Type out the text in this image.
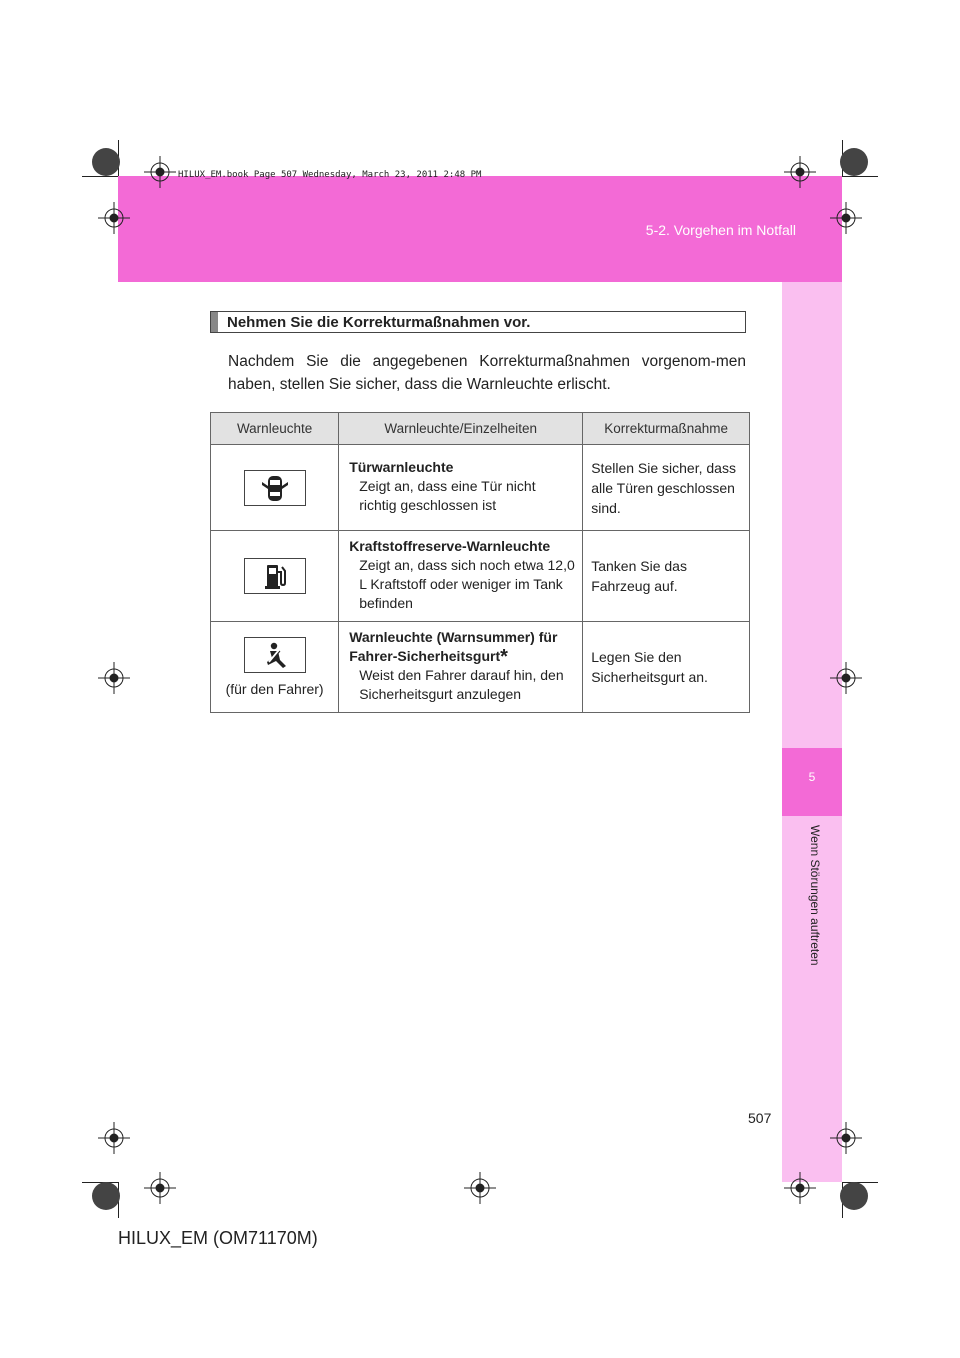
5-2. Vorgehen im Notfall
HILUX_EM.book Page 507 Wednesday, March 23, 2011 2:48 PM
5
Wenn Störungen auftreten
Nehmen Sie die Korrekturmaßnahmen vor.
Nachdem Sie die angegebenen Korrekturmaßnahmen vorgenom-men haben, stellen Sie sicher, dass die Warnleuchte erlischt.
Warnleuchte	Warnleuchte/Einzelheiten	Korrekturmaßnahme

Türwarnleuchte
Zeigt an, dass eine Tür nicht richtig geschlossen ist	Stellen Sie sicher, dass alle Türen geschlossen sind.

Kraftstoffreserve-Warnleuchte
Zeigt an, dass sich noch etwa 12,0 L Kraftstoff oder weniger im Tank befinden	Tanken Sie das Fahrzeug auf.

(für den Fahrer)	Warnleuchte (Warnsummer) für Fahrer-Sicherheitsgurt*
Weist den Fahrer darauf hin, den Sicherheitsgurt anzulegen	Legen Sie den Sicherheitsgurt an.
507
HILUX_EM (OM71170M)
